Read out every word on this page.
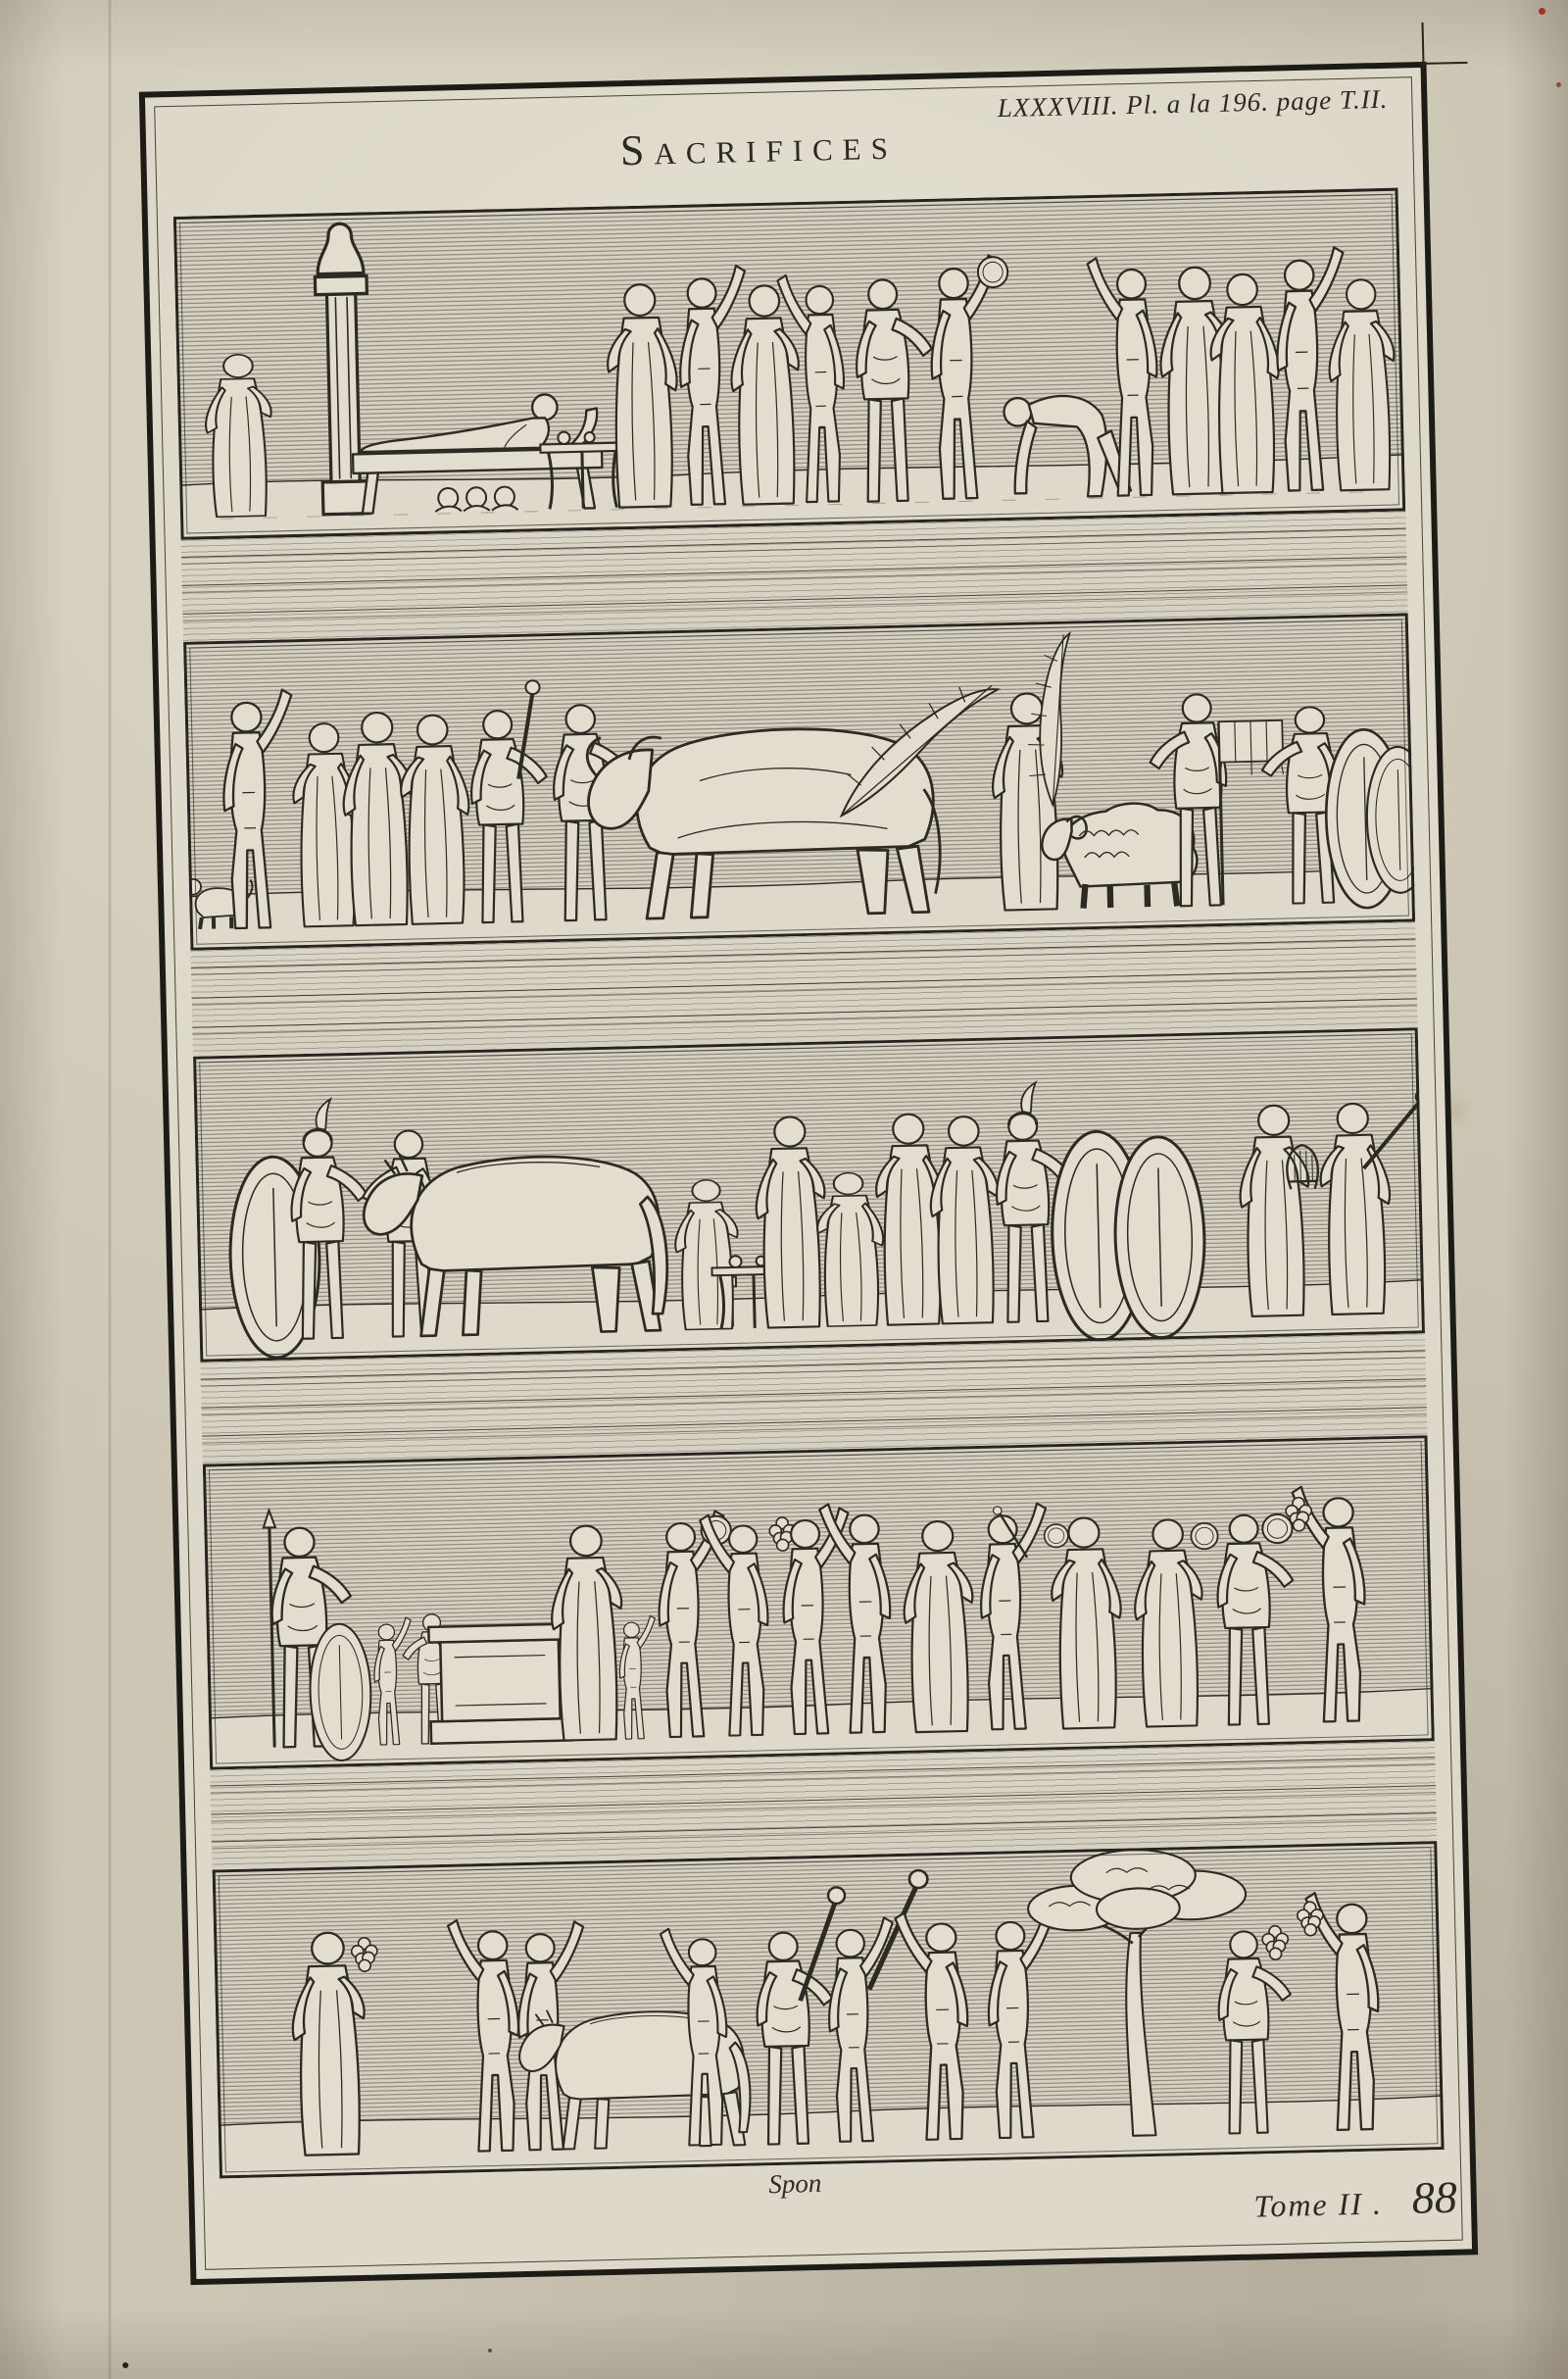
LXXXVIII. Pl. a la 196. page T.II.
Sacrifices
Spon
Tome II . 88
